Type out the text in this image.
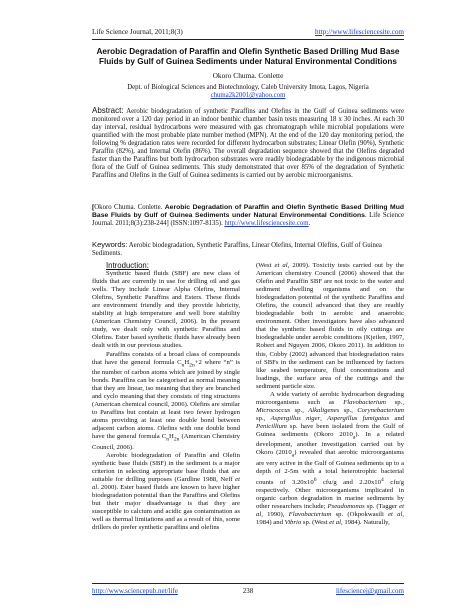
Life Science Journal, 2011;8(3)	http://www.lifesciencesite.com
Aerobic Degradation of Paraffin and Olefin Synthetic Based Drilling Mud Base Fluids by Gulf of Guinea Sediments under Natural Environmental Conditions
Okoro Chuma. Conlette
Dept. of Biological Sciences and Biotechnology, Caleb University Imota, Lagos, Nigeria
chuma2k2001@yahoo.com
Abstract: Aerobic biodegradation of synthetic Paraffins and Olefins in the Gulf of Guinea sediments were monitored over a 120 day period in an indoor benthic chamber basin tests measuring 18 x 30 inches. At each 30 day interval, residual hydrocarbons were measured with gas chromatograph while microbial populations were quantified with the most probable plate number method (MPN). At the end of the 120 day monitoring period, the following % degradation rates were recorded for different hydrocarbon substrates; Linear Olefin (90%), Synthetic Paraffin (82%), and Internal Olefin (86%). The overall degradation sequence showed that the Olefins degraded faster than the Paraffins but both hydrocarbon substrates were readily biodegradable by the indigenous microbial flora of the Gulf of Guinea sediments. This study demonstrated that over 85% of the degradation of Synthetic Paraffins and Olefins in the Gulf of Guinea sediments is carried out by aerobic microorganisms.
[Okoro Chuma. Conlette. Aerobic Degradation of Paraffin and Olefin Synthetic Based Drilling Mud Base Fluids by Gulf of Guinea Sediments under Natural Environmental Conditions. Life Science Journal. 2011;8(3):238-244] (ISSN:1097-8135). http://www.lifesciencesite.com.
Keywords: Aerobic biodegradation, Synthetic Paraffins, Linear Olefins, Internal Olefins, Gulf of Guinea Sediments.

Introduction:

Synthetic based fluids (SBF) are new class of fluids that are currently in use for drilling oil and gas wells. They include Linear Alpha Olefins, Internal Olefins, Synthetic Paraffins and Esters. These fluids are environment friendly and they provide lubricity, stability at high temperature and well bore stability (American Chemistry Council, 2006). In the present study, we dealt only with synthetic Paraffins and Olefins. Ester based synthetic fluids have already been dealt with in our previous studies.

Paraffins consists of a broad class of compounds that have the general formula $C_nH_{2n}+2$ where “n” is the number of carbon atoms which are joined by single bonds. Paraffins can be categorised as normal meaning that they are linear, iso meaning that they are branched and cyclo meaning that they consists of ring structures (American chemical council, 2006). Olefins are similar to Paraffins but contain at least two fewer hydrogen atoms providing at least one double bond between adjacent carbon atoms. Olefins with one double bond have the general formula $C_nH_{2n}$ (American Chemistry Council, 2006).

Aerobic biodegradation of Paraffin and Olefin synthetic base fluids (SBF) in the sediment is a major criterion in selecting appropriate base fluids that are suitable for drilling purposes (Gardline 1988, Neff et al. 2000). Ester based fluids are known to have higher biodegradation potential than the Paraffins and Olefins but their major disadvantage is that they are susceptible to calcium and acidic gas contamination as well as thermal limitations and as a result of this, some drillers do prefer synthetic paraffins and olefins

(West et al, 2009). Toxicity tests carried out by the American chemistry Council (2006) showed that the Olefin and Paraffin SBF are not toxic to the water and sediment dwelling organisms and on the biodegradation potential of the synthetic Paraffins and Olefins, the council advanced that they are readily biodegradable both in aerobic and anaerobic environment. Other investigators have also advanced that the synthetic based fluids in oily cuttings are biodegradable under aerobic conditions (Kjeilen, 1997, Robert and Nguyen 2006, Okoro 2011). In addition to this, Cobby (2002) advanced that biodegradation rates of SBFs in the sediment can be influenced by factors like seabed temperature, fluid concentrations and loadings, the surface area of the cuttings and the sediment particle size.

A wide variety of aerobic hydrocarbon degrading microorganisms such as Flavobacterium sp., Micrococcus sp., Alkaligenes sp., Corynebacterium sp., Aspergillus niger, Aspergillus fumigatus and Penicillium sp. have been isolated from the Gulf of Guinea sediments (Okoro $2010_a$). In a related development, another investigation carried out by Okoro $(2010_a)$ revealed that aerobic microorganisms are very active in the Gulf of Guinea sediments up to a depth of 2-5m with a total heterotrophic bacterial counts of $3.20x10^6$ cfu/g and $2.20x10^4$ cfu/g respectively. Other microorganisms implicated in organic carbon degradation in marine sediments by other researchers include; Pseudomonas sp. (Tagger et al, 1990), Flavobacterium sp. (Okpokwasili et al, 1984) and Vibrio sp. (West et al, 1984). Naturally,

http://www.sciencepub.net/life	238	lifesciencej@gmail.com
